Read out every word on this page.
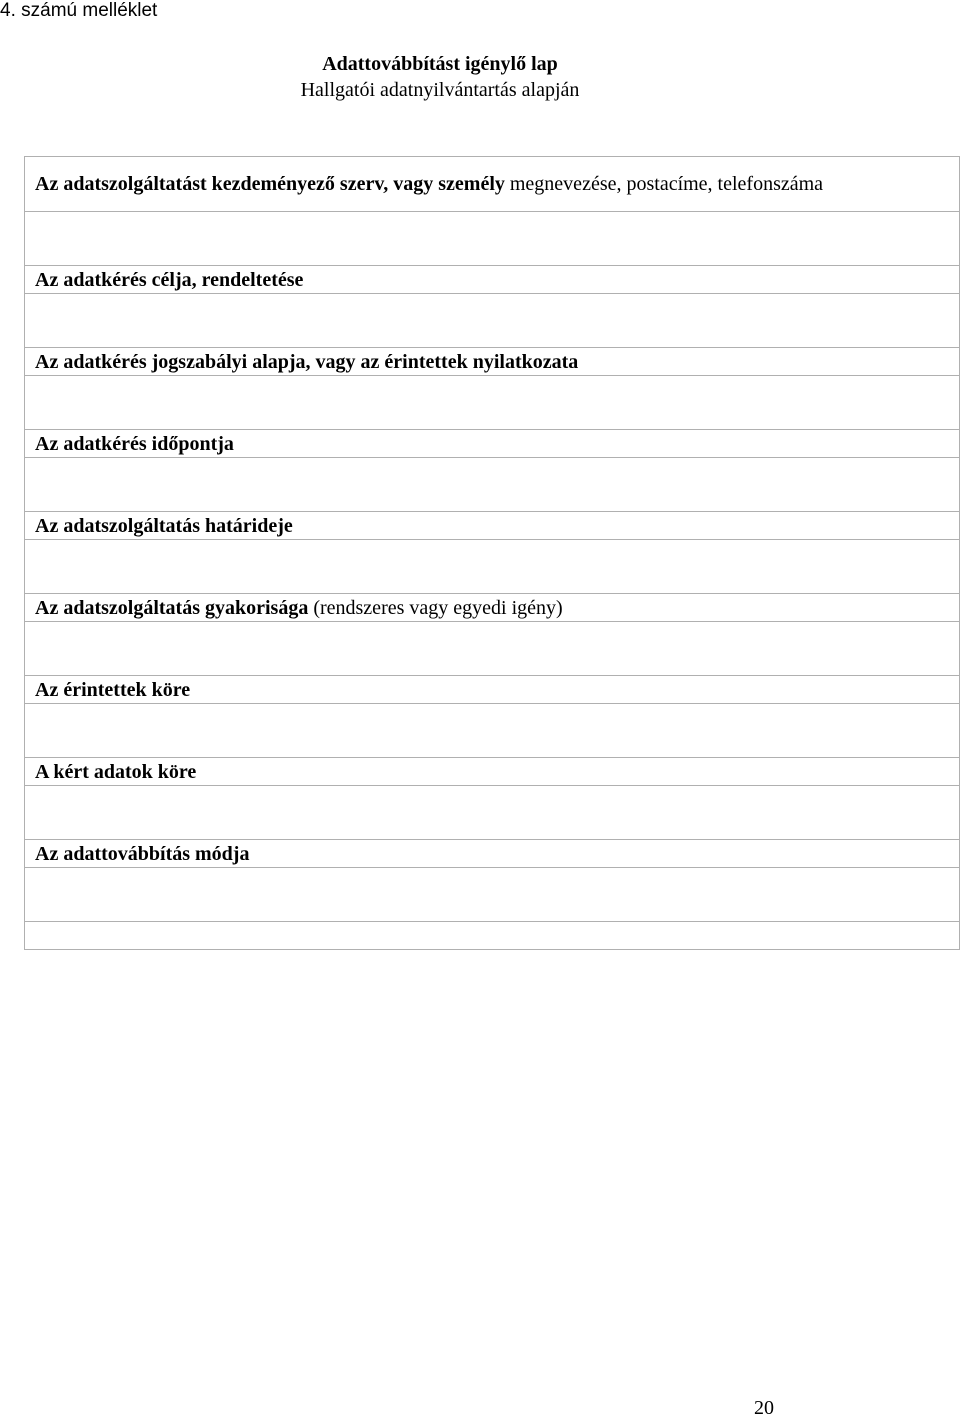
4. számú melléklet
Adattovábbítást igénylő lap
Hallgatói adatnyilvántartás alapján
Az adatszolgáltatást kezdeményező szerv, vagy személy megnevezése, postacíme, telefonszáma

Az adatkérés célja, rendeltetése

Az adatkérés jogszabályi alapja, vagy az érintettek nyilatkozata

Az adatkérés időpontja

Az adatszolgáltatás határideje

Az adatszolgáltatás gyakorisága (rendszeres vagy egyedi igény)

Az érintettek köre

A kért adatok köre

Az adattovábbítás módja

20
